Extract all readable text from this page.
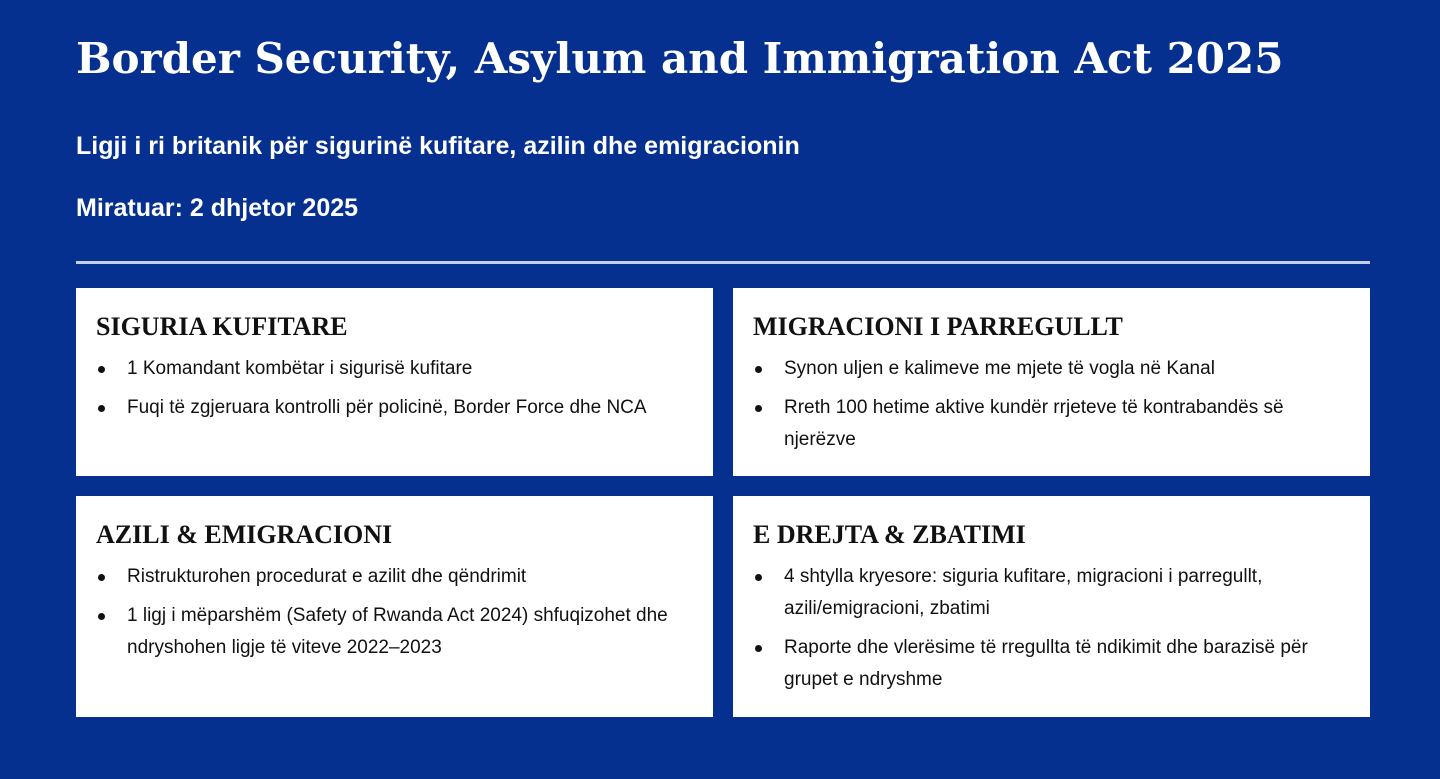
Border Security, Asylum and Immigration Act 2025

Ligji i ri britanik për sigurinë kufitare, azilin dhe emigracionin

Miratuar: 2 dhjetor 2025

SIGURIA KUFITARE
1 Komandant kombëtar i sigurisë kufitare
Fuqi të zgjeruara kontrolli për policinë, Border Force dhe NCA
MIGRACIONI I PARREGULLT
Synon uljen e kalimeve me mjete të vogla në Kanal
Rreth 100 hetime aktive kundër rrjeteve të kontrabandës së njerëzve
AZILI & EMIGRACIONI
Ristrukturohen procedurat e azilit dhe qëndrimit
1 ligj i mëparshëm (Safety of Rwanda Act 2024) shfuqizohet dhe ndryshohen ligje të viteve 2022–2023
E DREJTA & ZBATIMI
4 shtylla kryesore: siguria kufitare, migracioni i parregullt, azili/emigracioni, zbatimi
Raporte dhe vlerësime të rregullta të ndikimit dhe barazisë për grupet e ndryshme
